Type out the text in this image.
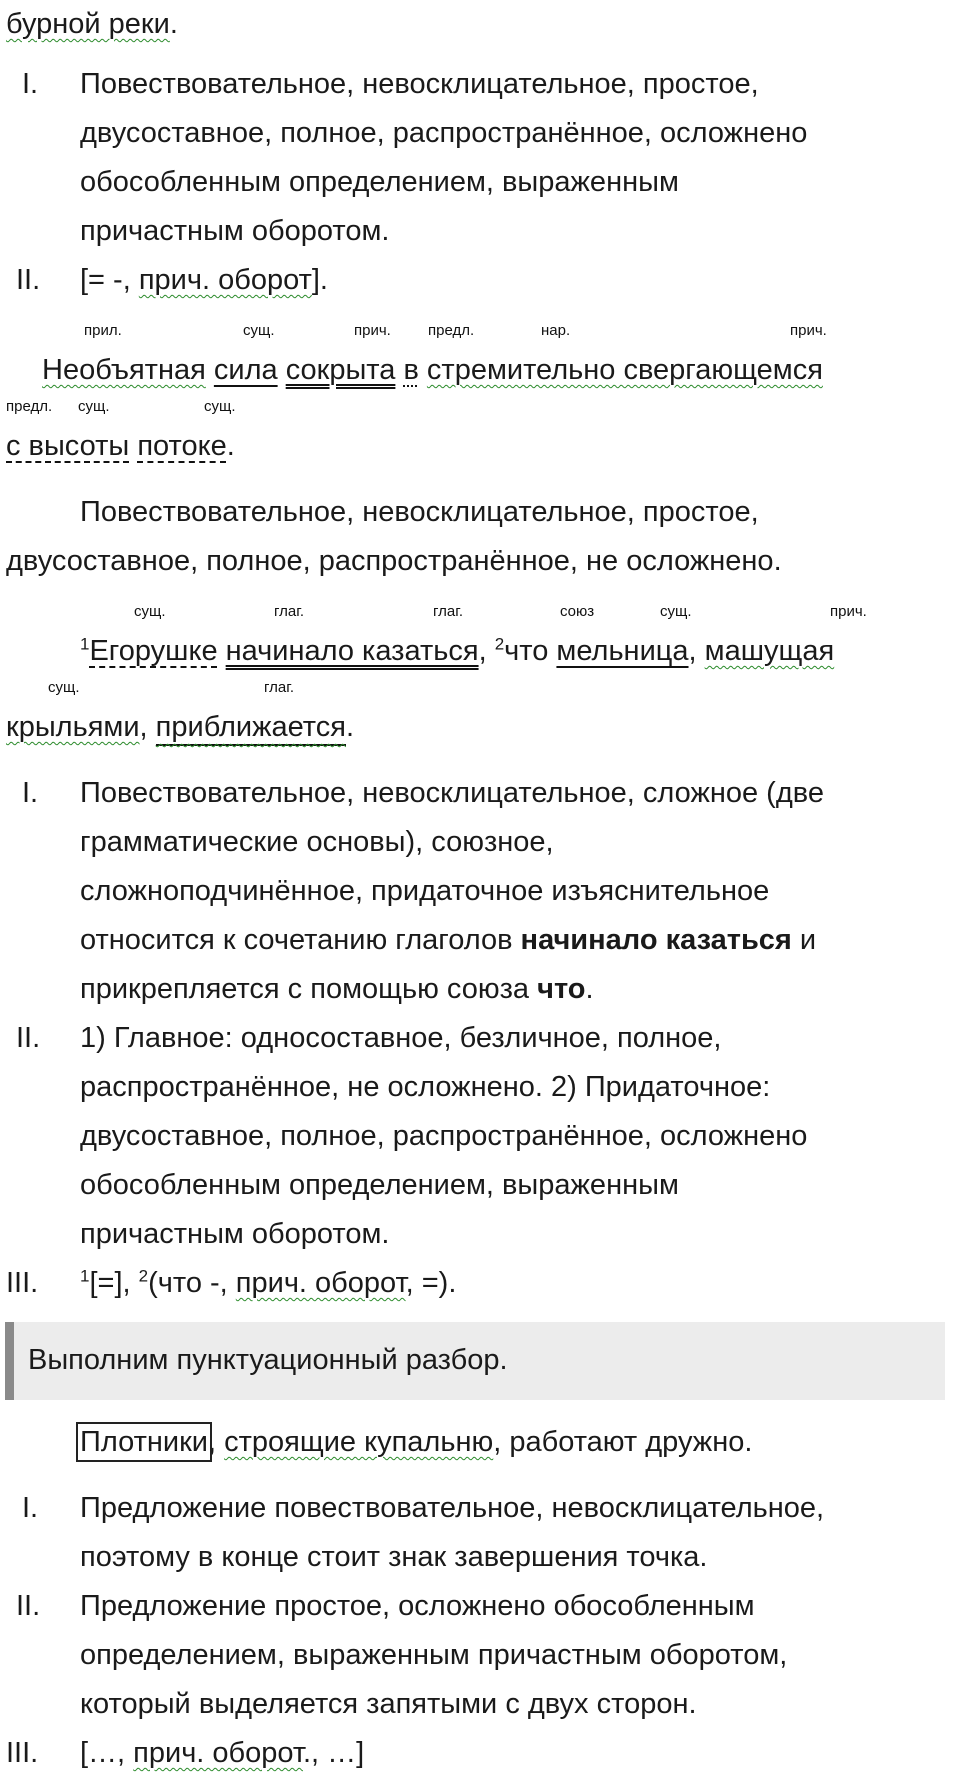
бурной реки.
I. Повествовательное, невосклицательное, простое,
двусоставное, полное, распространённое, осложнено
обособленным определением, выраженным
причастным оборотом.
II. [= -, прич. оборот].
прил.	сущ.	прич. предл.	нар.	прич.
Необъятная сила сокрыта в стремительно свергающемся
предл. сущ.	сущ.
с высоты потоке.
Повествовательное, невосклицательное, простое,
двусоставное, полное, распространённое, не осложнено.
сущ.	глаг.	глаг.	союз	сущ.	прич.
$^1$Егорушке начинало казаться, $^2$что мельница, машущая
сущ.	глаг.
крыльями, приближается.
I. Повествовательное, невосклицательное, сложное (две
грамматические основы), союзное,
сложноподчинённое, придаточное изъяснительное
относится к сочетанию глаголов начинало казаться и
прикрепляется с помощью союза что.
II. 1) Главное: односоставное, безличное, полное,
распространённое, не осложнено. 2) Придаточное:
двусоставное, полное, распространённое, осложнено
обособленным определением, выраженным
причастным оборотом.
III. $^1$[=], $^2$(что -, прич. оборот, =).
Выполним пунктуационный разбор.
Плотники, строящие купальню, работают дружно.
I. Предложение повествовательное, невосклицательное,
поэтому в конце стоит знак завершения точка.
II. Предложение простое, осложнено обособленным
определением, выраженным причастным оборотом,
который выделяется запятыми с двух сторон.
III. […, прич. оборот., …]
